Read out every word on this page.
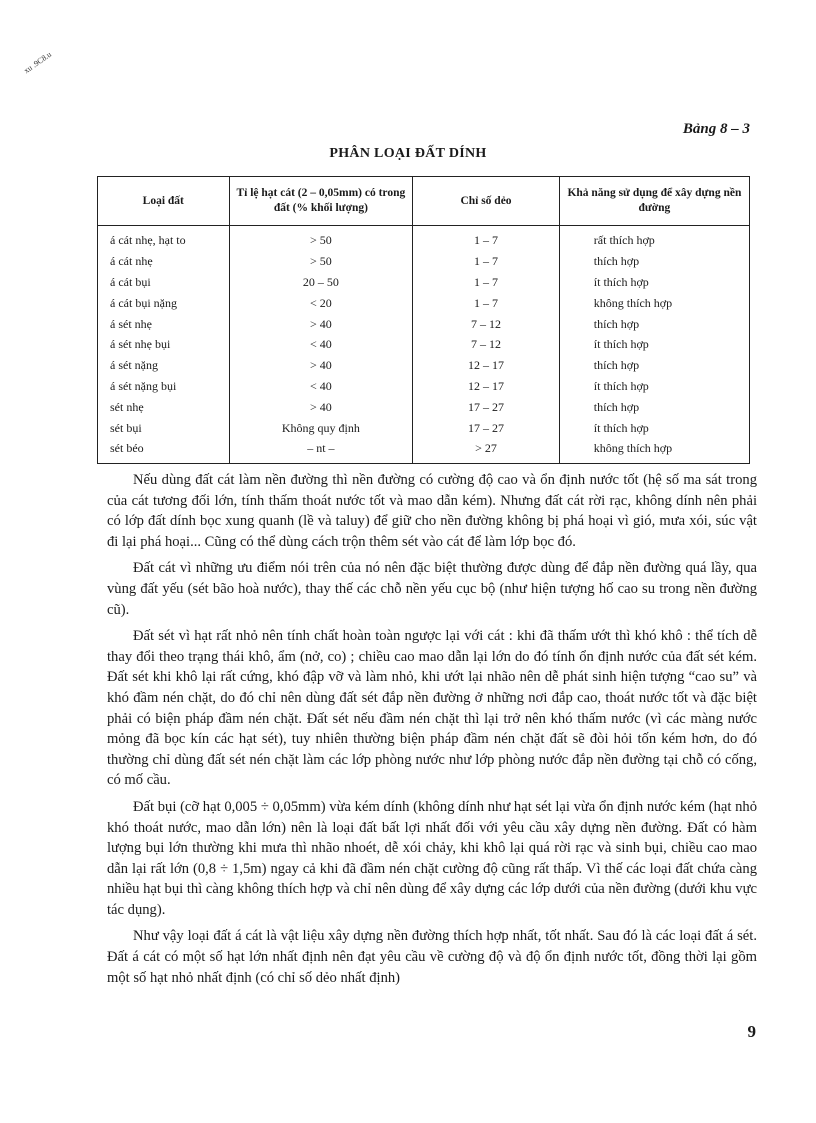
xu .9C8.u
Bảng 8 – 3
PHÂN LOẠI ĐẤT DÍNH
Loại đất	Tỉ lệ hạt cát (2 – 0,05mm) có trong đất (% khối lượng)	Chỉ số dẻo	Khả năng sử dụng để xây dựng nền đường
á cát nhẹ, hạt to	> 50	1 – 7	rất thích hợp
á cát nhẹ	> 50	1 – 7	thích hợp
á cát bụi	20 – 50	1 – 7	ít thích hợp
á cát bụi nặng	< 20	1 – 7	không thích hợp
á sét nhẹ	> 40	7 – 12	thích hợp
á sét nhẹ bụi	< 40	7 – 12	ít thích hợp
á sét nặng	> 40	12 – 17	thích hợp
á sét nặng bụi	< 40	12 – 17	ít thích hợp
sét nhẹ	> 40	17 – 27	thích hợp
sét bụi	Không quy định	17 – 27	ít thích hợp
sét béo	– nt –	> 27	không thích hợp

Nếu dùng đất cát làm nền đường thì nền đường có cường độ cao và ổn định nước tốt (hệ số ma sát trong của cát tương đối lớn, tính thấm thoát nước tốt và mao dẫn kém). Nhưng đất cát rời rạc, không dính nên phải có lớp đất dính bọc xung quanh (lề và taluy) để giữ cho nền đường không bị phá hoại vì gió, mưa xói, súc vật đi lại phá hoại... Cũng có thể dùng cách trộn thêm sét vào cát để làm lớp bọc đó.

Đất cát vì những ưu điểm nói trên của nó nên đặc biệt thường được dùng để đắp nền đường quá lầy, qua vùng đất yếu (sét bão hoà nước), thay thế các chỗ nền yếu cục bộ (như hiện tượng hố cao su trong nền đường cũ).

Đất sét vì hạt rất nhỏ nên tính chất hoàn toàn ngược lại với cát : khi đã thấm ướt thì khó khô : thể tích dễ thay đổi theo trạng thái khô, ẩm (nở, co) ; chiều cao mao dẫn lại lớn do đó tính ổn định nước của đất sét kém. Đất sét khi khô lại rất cứng, khó đập vỡ và làm nhỏ, khi ướt lại nhão nên dễ phát sinh hiện tượng “cao su” và khó đầm nén chặt, do đó chỉ nên dùng đất sét đắp nền đường ở những nơi đắp cao, thoát nước tốt và đặc biệt phải có biện pháp đầm nén chặt. Đất sét nếu đầm nén chặt thì lại trở nên khó thấm nước (vì các màng nước mỏng đã bọc kín các hạt sét), tuy nhiên thường biện pháp đầm nén chặt đất sẽ đòi hỏi tốn kém hơn, do đó thường chỉ dùng đất sét nén chặt làm các lớp phòng nước như lớp phòng nước đắp nền đường tại chỗ có cống, có mố cầu.

Đất bụi (cỡ hạt 0,005 ÷ 0,05mm) vừa kém dính (không dính như hạt sét lại vừa ổn định nước kém (hạt nhỏ khó thoát nước, mao dẫn lớn) nên là loại đất bất lợi nhất đối với yêu cầu xây dựng nền đường. Đất có hàm lượng bụi lớn thường khi mưa thì nhão nhoét, dễ xói chảy, khi khô lại quá rời rạc và sinh bụi, chiều cao mao dẫn lại rất lớn (0,8 ÷ 1,5m) ngay cả khi đã đầm nén chặt cường độ cũng rất thấp. Vì thế các loại đất chứa càng nhiều hạt bụi thì càng không thích hợp và chỉ nên dùng để xây dựng các lớp dưới của nền đường (dưới khu vực tác dụng).

Như vậy loại đất á cát là vật liệu xây dựng nền đường thích hợp nhất, tốt nhất. Sau đó là các loại đất á sét. Đất á cát có một số hạt lớn nhất định nên đạt yêu cầu về cường độ và độ ổn định nước tốt, đồng thời lại gồm một số hạt nhỏ nhất định (có chỉ số dẻo nhất định)

9
